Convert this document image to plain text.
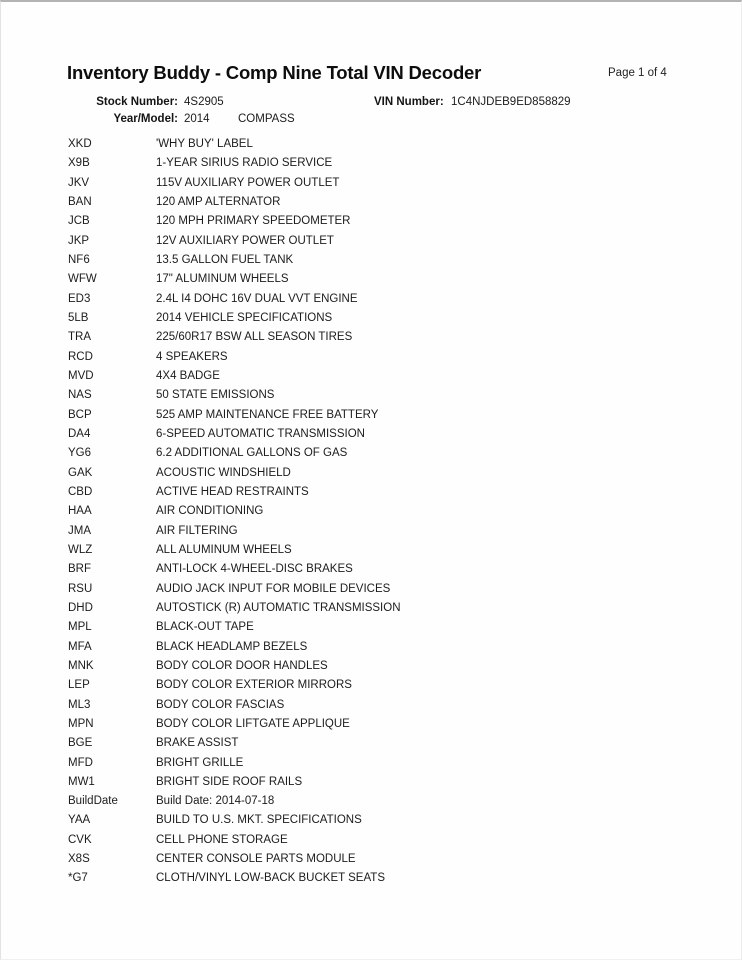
Inventory Buddy - Comp Nine Total VIN Decoder	Page 1 of 4
Stock Number: 4S2905	VIN Number: 1C4NJDEB9ED858829
Year/Model: 2014 COMPASS
XKD	'WHY BUY' LABEL
X9B	1-YEAR SIRIUS RADIO SERVICE
JKV	115V AUXILIARY POWER OUTLET
BAN	120 AMP ALTERNATOR
JCB	120 MPH PRIMARY SPEEDOMETER
JKP	12V AUXILIARY POWER OUTLET
NF6	13.5 GALLON FUEL TANK
WFW	17" ALUMINUM WHEELS
ED3	2.4L I4 DOHC 16V DUAL VVT ENGINE
5LB	2014 VEHICLE SPECIFICATIONS
TRA	225/60R17 BSW ALL SEASON TIRES
RCD	4 SPEAKERS
MVD	4X4 BADGE
NAS	50 STATE EMISSIONS
BCP	525 AMP MAINTENANCE FREE BATTERY
DA4	6-SPEED AUTOMATIC TRANSMISSION
YG6	6.2 ADDITIONAL GALLONS OF GAS
GAK	ACOUSTIC WINDSHIELD
CBD	ACTIVE HEAD RESTRAINTS
HAA	AIR CONDITIONING
JMA	AIR FILTERING
WLZ	ALL ALUMINUM WHEELS
BRF	ANTI-LOCK 4-WHEEL-DISC BRAKES
RSU	AUDIO JACK INPUT FOR MOBILE DEVICES
DHD	AUTOSTICK (R) AUTOMATIC TRANSMISSION
MPL	BLACK-OUT TAPE
MFA	BLACK HEADLAMP BEZELS
MNK	BODY COLOR DOOR HANDLES
LEP	BODY COLOR EXTERIOR MIRRORS
ML3	BODY COLOR FASCIAS
MPN	BODY COLOR LIFTGATE APPLIQUE
BGE	BRAKE ASSIST
MFD	BRIGHT GRILLE
MW1	BRIGHT SIDE ROOF RAILS
BuildDate	Build Date: 2014-07-18
YAA	BUILD TO U.S. MKT. SPECIFICATIONS
CVK	CELL PHONE STORAGE
X8S	CENTER CONSOLE PARTS MODULE
*G7	CLOTH/VINYL LOW-BACK BUCKET SEATS
